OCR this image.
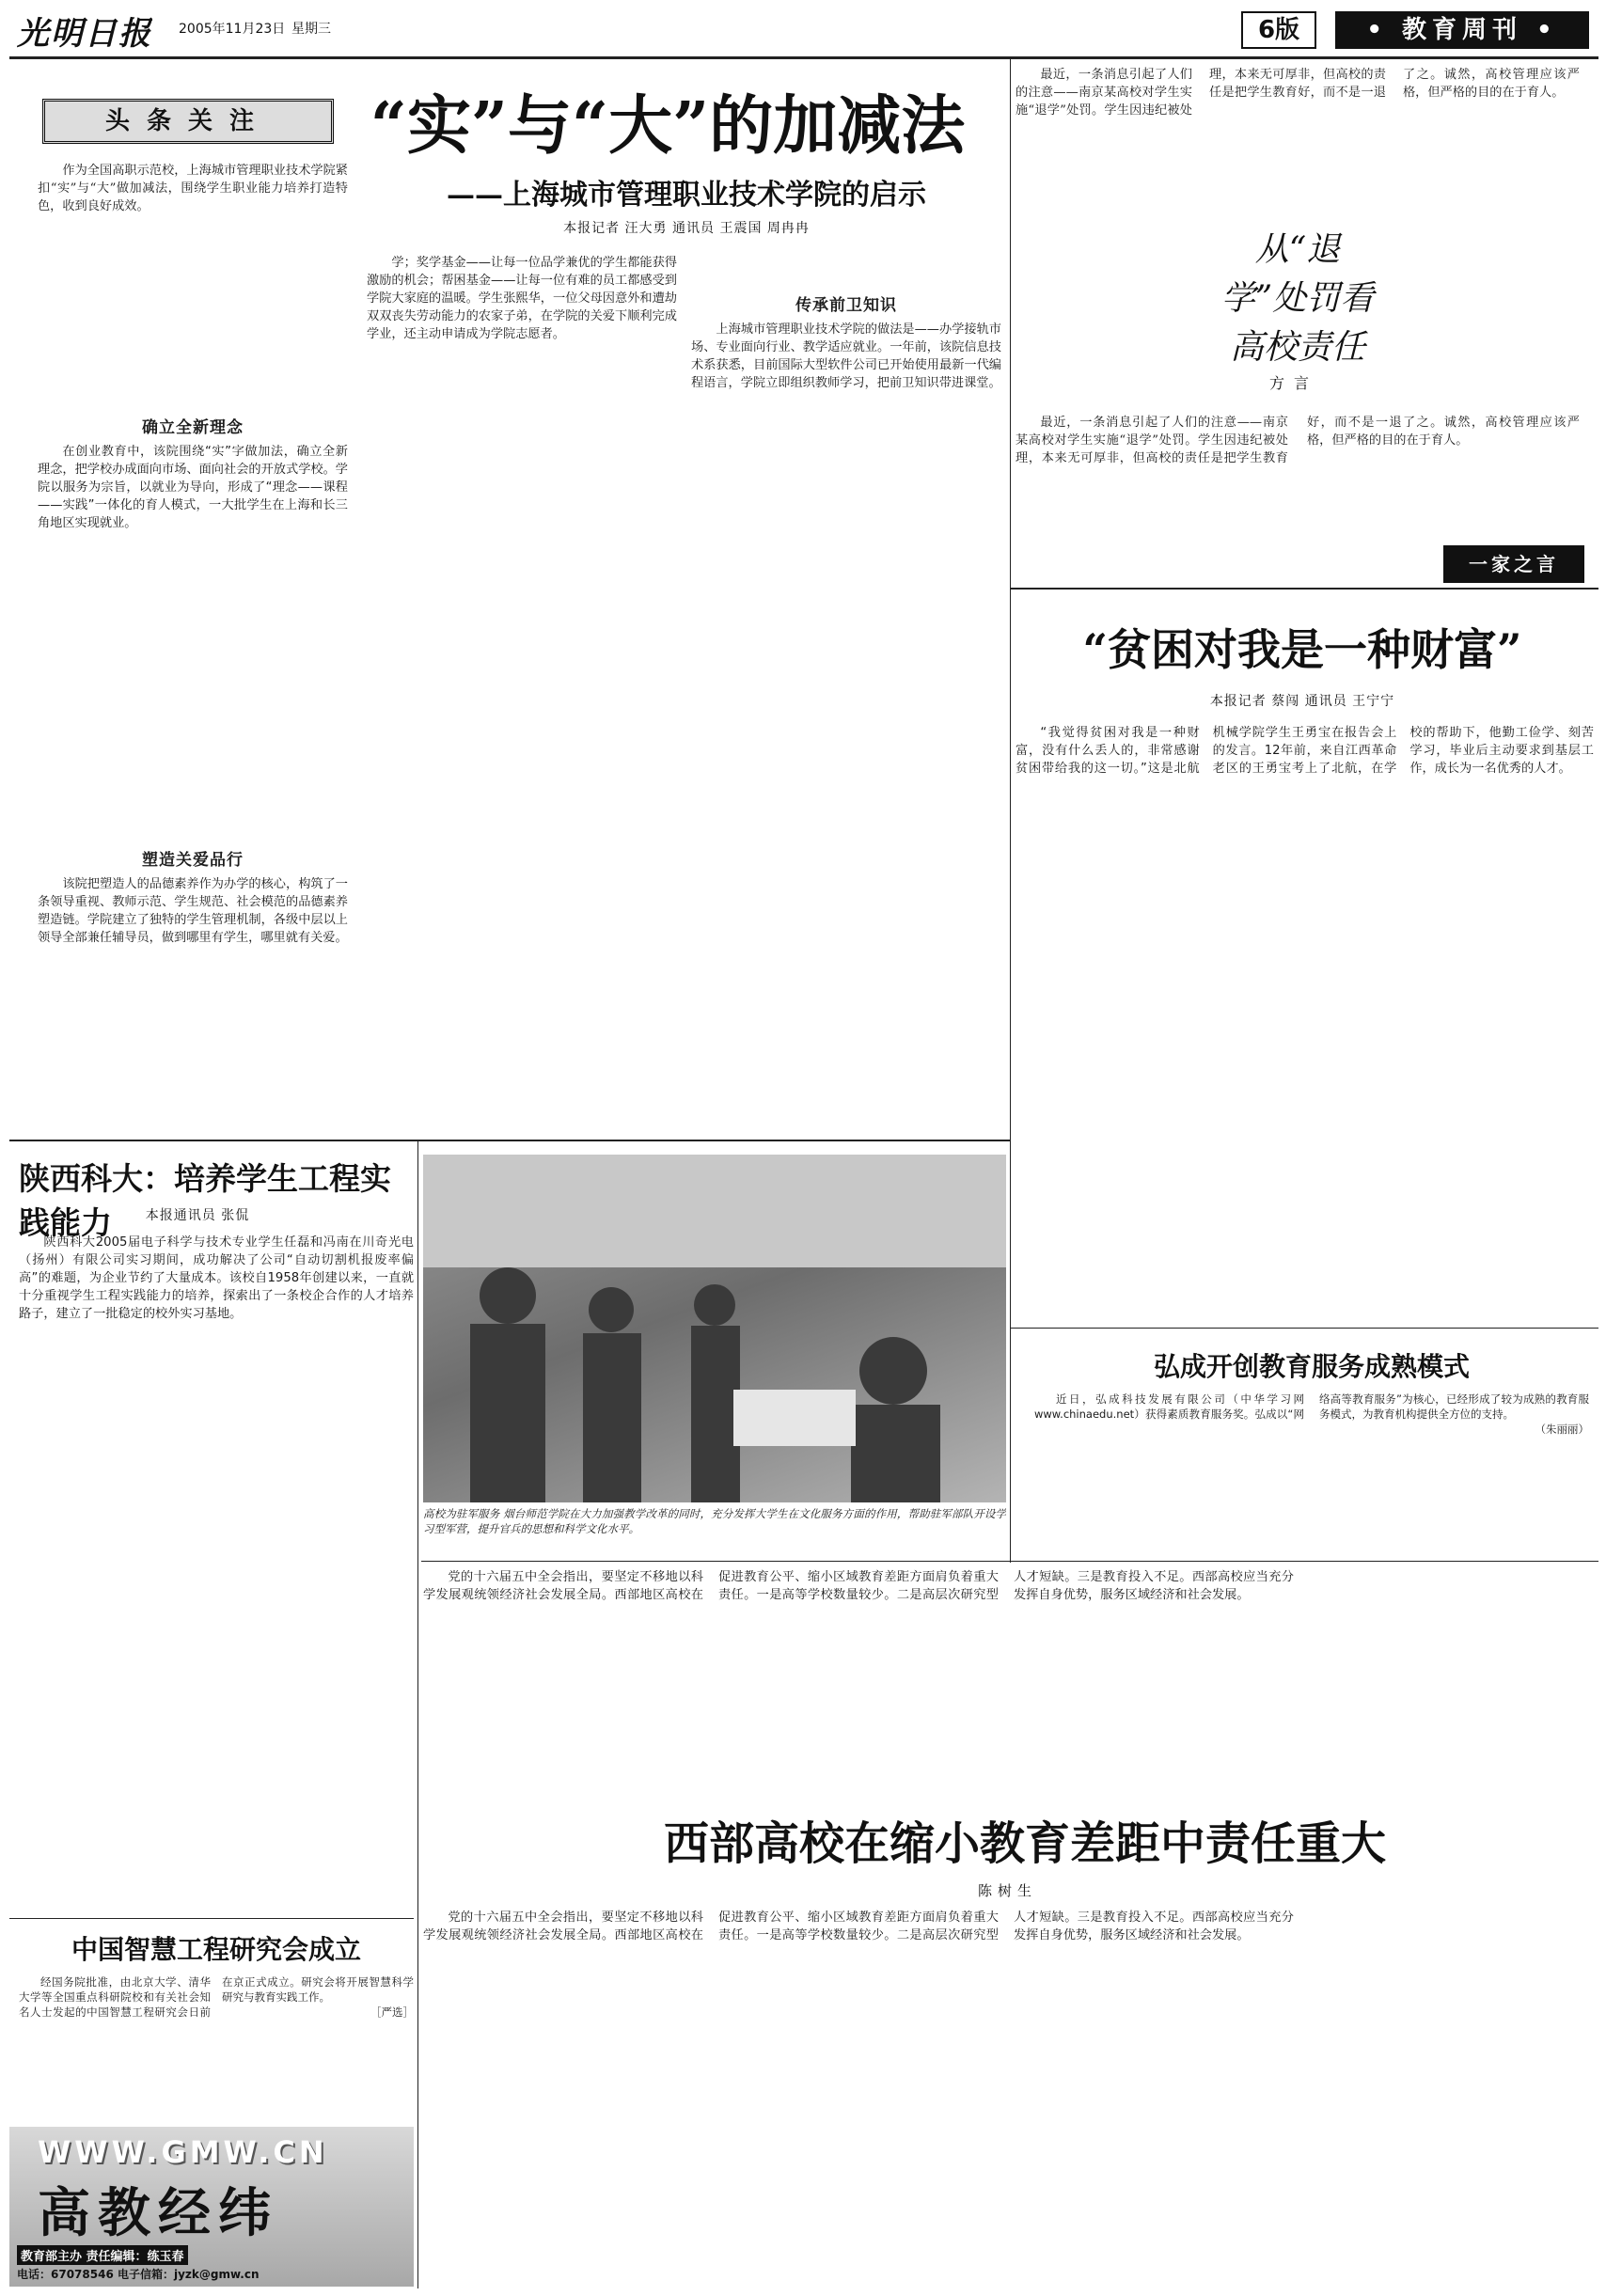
光明日报 2005年11月23日 星期三	6版	• 教育周刊 •
头条关注	“实”与“大”的加减法
——上海城市管理职业技术学院的启示
本报记者 汪大勇 通讯员 王震国 周冉冉

作为全国高职示范校，上海城市管理职业技术学院紧扣“实”与“大”做加减法，围绕学生职业能力培养打造特色，收到良好成效。

确立全新理念

在创业教育中，该院围绕“实”字做加法，确立全新理念，把学校办成面向市场、面向社会的开放式学校。学院以服务为宗旨，以就业为导向，形成了“理念——课程——实践”一体化的育人模式，一大批学生在上海和长三角地区实现就业。

塑造关爱品行

该院把塑造人的品德素养作为办学的核心，构筑了一条领导重视、教师示范、学生规范、社会模范的品德素养塑造链。学院建立了独特的学生管理机制，各级中层以上领导全部兼任辅导员，做到哪里有学生，哪里就有关爱。

学；奖学基金——让每一位品学兼优的学生都能获得激励的机会；帮困基金——让每一位有难的员工都感受到学院大家庭的温暖。学生张熙华，一位父母因意外和遭劫双双丧失劳动能力的农家子弟，在学院的关爱下顺利完成学业，还主动申请成为学院志愿者。

传承前卫知识

上海城市管理职业技术学院的做法是——办学接轨市场、专业面向行业、教学适应就业。一年前，该院信息技术系获悉，目前国际大型软件公司已开始使用最新一代编程语言，学院立即组织教师学习，把前卫知识带进课堂。

最近，一条消息引起了人们的注意——南京某高校对学生实施“退学”处罚。学生因违纪被处理，本来无可厚非，但高校的责任是把学生教育好，而不是一退了之。诚然，高校管理应该严格，但严格的目的在于育人。

从“退学”处罚看高校责任
方言

最近，一条消息引起了人们的注意——南京某高校对学生实施“退学”处罚。学生因违纪被处理，本来无可厚非，但高校的责任是把学生教育好，而不是一退了之。诚然，高校管理应该严格，但严格的目的在于育人。

一家之言
“贫困对我是一种财富”
本报记者 蔡闯 通讯员 王宁宁

“我觉得贫困对我是一种财富，没有什么丢人的，非常感谢贫困带给我的这一切。”这是北航机械学院学生王勇宝在报告会上的发言。12年前，来自江西革命老区的王勇宝考上了北航，在学校的帮助下，他勤工俭学、刻苦学习，毕业后主动要求到基层工作，成长为一名优秀的人才。

弘成开创教育服务成熟模式

近日，弘成科技发展有限公司（中华学习网www.chinaedu.net）获得素质教育服务奖。弘成以“网络高等教育服务”为核心，已经形成了较为成熟的教育服务模式，为教育机构提供全方位的支持。

（朱丽丽）
陕西科大：培养学生工程实践能力	本报通讯员 张侃

陕西科大2005届电子科学与技术专业学生任磊和冯南在川奇光电（扬州）有限公司实习期间，成功解决了公司“自动切割机报废率偏高”的难题，为企业节约了大量成本。该校自1958年创建以来，一直就十分重视学生工程实践能力的培养，探索出了一条校企合作的人才培养路子，建立了一批稳定的校外实习基地。

高校为驻军服务 烟台师范学院在大力加强教学改革的同时，充分发挥大学生在文化服务方面的作用，帮助驻军部队开设学习型军营，提升官兵的思想和科学文化水平。

党的十六届五中全会指出，要坚定不移地以科学发展观统领经济社会发展全局。西部地区高校在促进教育公平、缩小区域教育差距方面肩负着重大责任。一是高等学校数量较少。二是高层次研究型人才短缺。三是教育投入不足。西部高校应当充分发挥自身优势，服务区域经济和社会发展。

西部高校在缩小教育差距中责任重大
陈树生

党的十六届五中全会指出，要坚定不移地以科学发展观统领经济社会发展全局。西部地区高校在促进教育公平、缩小区域教育差距方面肩负着重大责任。一是高等学校数量较少。二是高层次研究型人才短缺。三是教育投入不足。西部高校应当充分发挥自身优势，服务区域经济和社会发展。

中国智慧工程研究会成立

经国务院批准，由北京大学、清华大学等全国重点科研院校和有关社会知名人士发起的中国智慧工程研究会日前在京正式成立。研究会将开展智慧科学研究与教育实践工作。

［严选］
WWW.GMW.CN
高教经纬
教育部主办 责任编辑：练玉春
电话：67078546 电子信箱：jyzk@gmw.cn
